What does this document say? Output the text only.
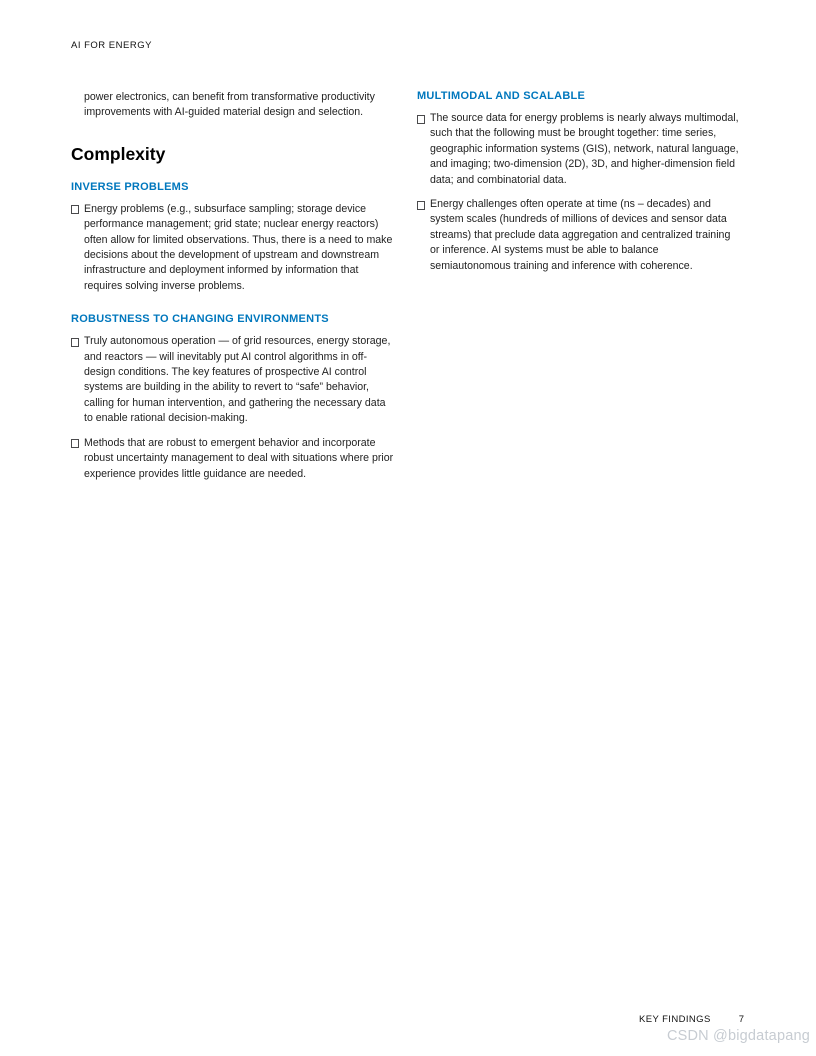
AI FOR ENERGY

power electronics, can benefit from transformative productivity improvements with AI-guided material design and selection.

Complexity
INVERSE PROBLEMS
Energy problems (e.g., subsurface sampling; storage device performance management; grid state; nuclear energy reactors) often allow for limited observations. Thus, there is a need to make decisions about the development of upstream and downstream infrastructure and deployment informed by information that requires solving inverse problems.
ROBUSTNESS TO CHANGING ENVIRONMENTS
Truly autonomous operation — of grid resources, energy storage, and reactors — will inevitably put AI control algorithms in off-design conditions. The key features of prospective AI control systems are building in the ability to revert to “safe” behavior, calling for human intervention, and gathering the necessary data to enable rational decision-making.
Methods that are robust to emergent behavior and incorporate robust uncertainty management to deal with situations where prior experience provides little guidance are needed.
MULTIMODAL AND SCALABLE
The source data for energy problems is nearly always multimodal, such that the following must be brought together: time series, geographic information systems (GIS), network, natural language, and imaging; two-dimension (2D), 3D, and higher-dimension field data; and combinatorial data.
Energy challenges often operate at time (ns – decades) and system scales (hundreds of millions of devices and sensor data streams) that preclude data aggregation and centralized training or inference. AI systems must be able to balance semiautonomous training and inference with coherence.
KEY FINDINGS	7
CSDN @bigdatapang
